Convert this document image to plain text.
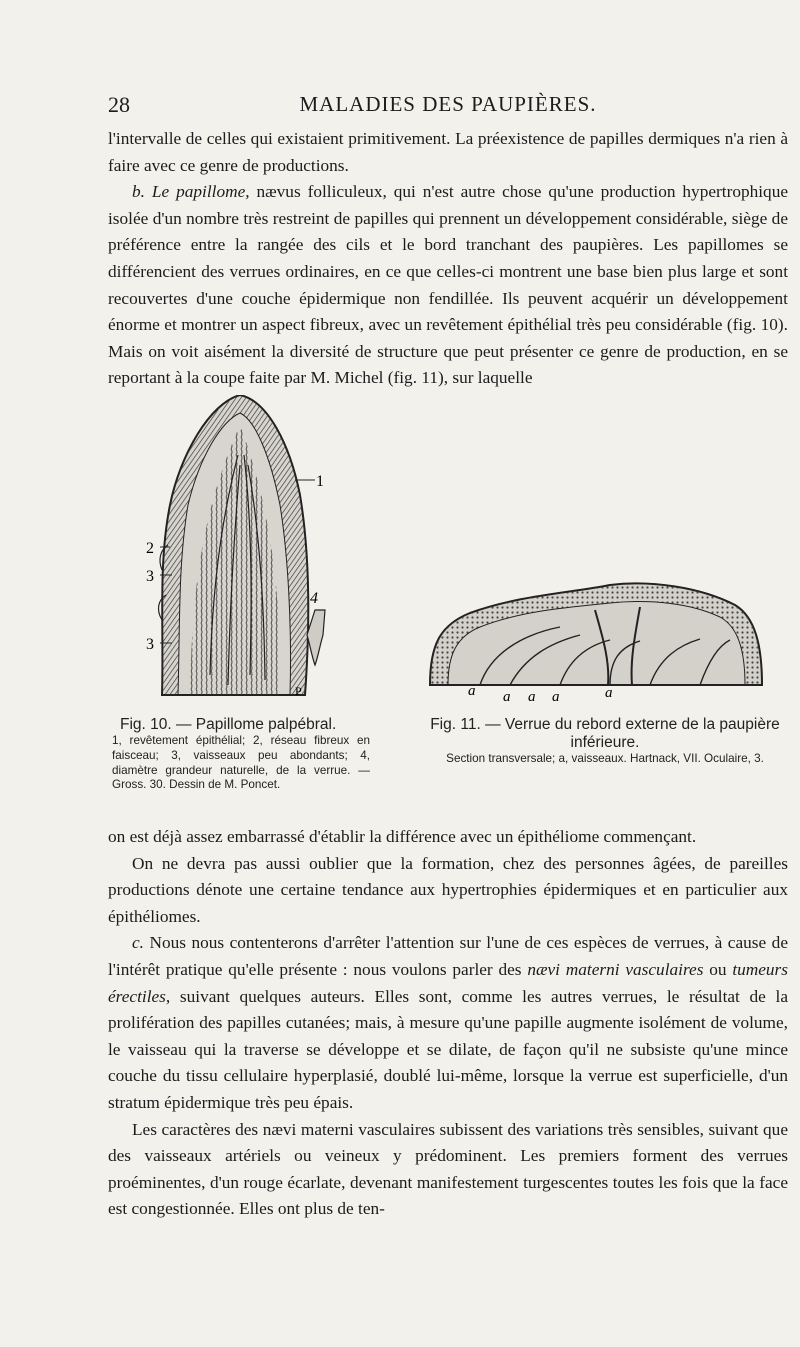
28	MALADIES DES PAUPIÈRES.

l'intervalle de celles qui existaient primitivement. La préexistence de papilles dermiques n'a rien à faire avec ce genre de productions.

b. Le papillome, nævus folliculeux, qui n'est autre chose qu'une production hypertrophique isolée d'un nombre très restreint de papilles qui prennent un développement considérable, siège de préférence entre la rangée des cils et le bord tranchant des paupières. Les papillomes se différencient des verrues ordinaires, en ce que celles-ci montrent une base bien plus large et sont recouvertes d'une couche épidermique non fendillée. Ils peuvent acquérir un développement énorme et montrer un aspect fibreux, avec un revêtement épithélial très peu considérable (fig. 10). Mais on voit aisément la diversité de structure que peut présenter ce genre de production, en se reportant à la coupe faite par M. Michel (fig. 11), sur laquelle

1
2
3
3
4
P	a a a a	a
Fig. 10. — Papillome palpébral.
1, revêtement épithélial; 2, réseau fibreux en faisceau; 3, vaisseaux peu abondants; 4, diamètre grandeur naturelle, de la verrue. — Gross. 30. Dessin de M. Poncet.
Fig. 11. — Verrue du rebord externe de la paupière inférieure.
Section transversale; a, vaisseaux. Hartnack, VII. Oculaire, 3.

on est déjà assez embarrassé d'établir la différence avec un épithéliome commençant.

On ne devra pas aussi oublier que la formation, chez des personnes âgées, de pareilles productions dénote une certaine tendance aux hypertrophies épidermiques et en particulier aux épithéliomes.

c. Nous nous contenterons d'arrêter l'attention sur l'une de ces espèces de verrues, à cause de l'intérêt pratique qu'elle présente : nous voulons parler des nævi materni vasculaires ou tumeurs érectiles, suivant quelques auteurs. Elles sont, comme les autres verrues, le résultat de la prolifération des papilles cutanées; mais, à mesure qu'une papille augmente isolément de volume, le vaisseau qui la traverse se développe et se dilate, de façon qu'il ne subsiste qu'une mince couche du tissu cellulaire hyperplasié, doublé lui-même, lorsque la verrue est superficielle, d'un stratum épidermique très peu épais.

Les caractères des nævi materni vasculaires subissent des variations très sensibles, suivant que des vaisseaux artériels ou veineux y prédominent. Les premiers forment des verrues proéminentes, d'un rouge écarlate, devenant manifestement turgescentes toutes les fois que la face est congestionnée. Elles ont plus de ten-
